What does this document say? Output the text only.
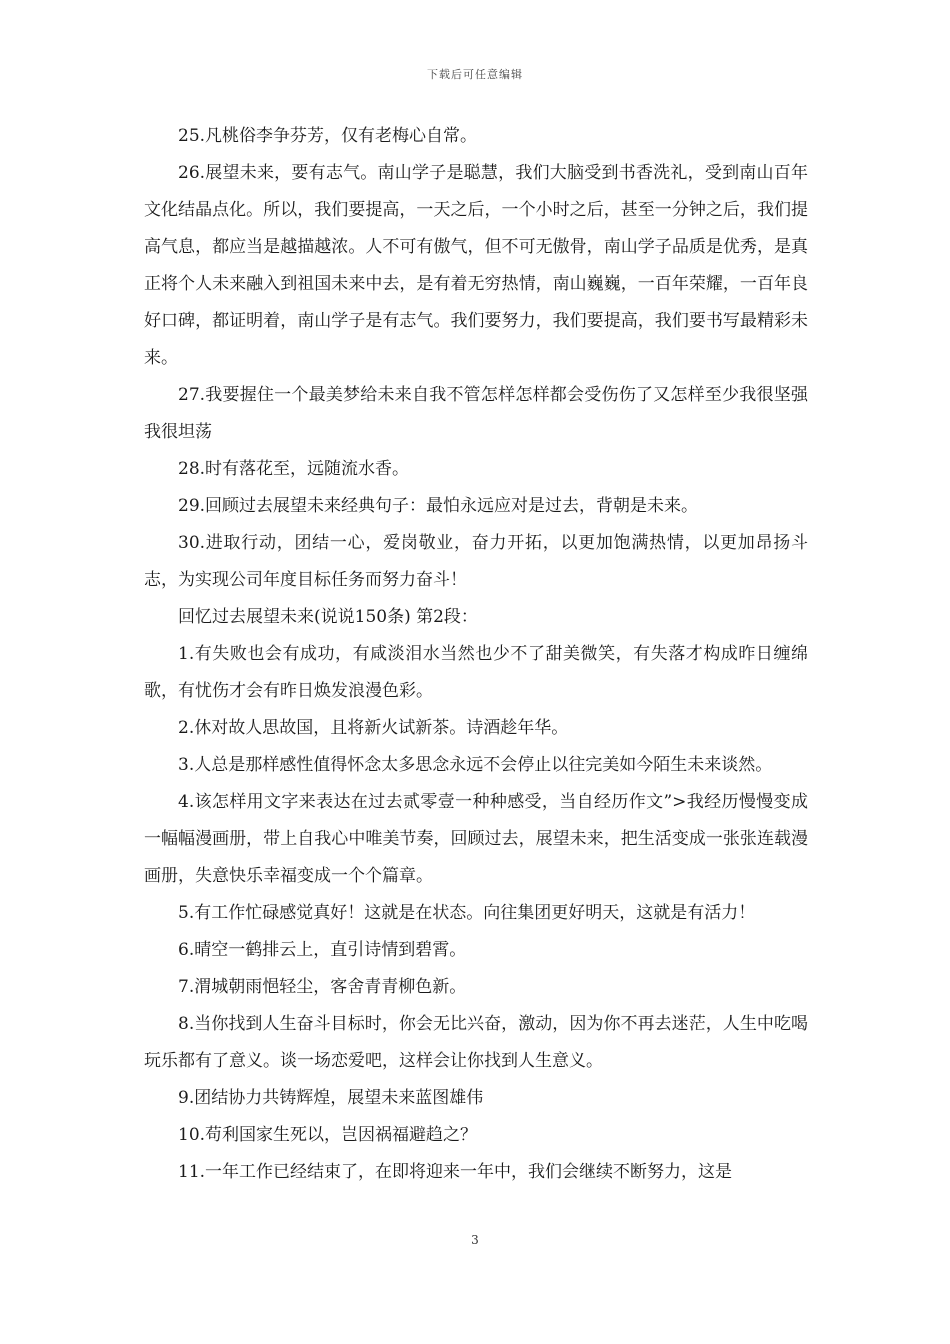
下载后可任意编辑

25.凡桃俗李争芬芳，仅有老梅心自常。

26.展望未来，要有志气。南山学子是聪慧，我们大脑受到书香洗礼，受到南山百年文化结晶点化。所以，我们要提高，一天之后，一个小时之后，甚至一分钟之后，我们提高气息，都应当是越描越浓。人不可有傲气，但不可无傲骨，南山学子品质是优秀，是真正将个人未来融入到祖国未来中去，是有着无穷热情，南山巍巍，一百年荣耀，一百年良好口碑，都证明着，南山学子是有志气。我们要努力，我们要提高，我们要书写最精彩未来。

27.我要握住一个最美梦给未来自我不管怎样怎样都会受伤伤了又怎样至少我很坚强我很坦荡

28.时有落花至，远随流水香。

29.回顾过去展望未来经典句子：最怕永远应对是过去，背朝是未来。

30.进取行动，团结一心，爱岗敬业，奋力开拓，以更加饱满热情，以更加昂扬斗志，为实现公司年度目标任务而努力奋斗！

回忆过去展望未来(说说150条) 第2段：

1.有失败也会有成功，有咸淡泪水当然也少不了甜美微笑，有失落才构成昨日缠绵歌，有忧伤才会有昨日焕发浪漫色彩。

2.休对故人思故国，且将新火试新茶。诗酒趁年华。

3.人总是那样感性值得怀念太多思念永远不会停止以往完美如今陌生未来谈然。

4.该怎样用文字来表达在过去贰零壹一种种感受，当自经历作文”>我经历慢慢变成一幅幅漫画册，带上自我心中唯美节奏，回顾过去，展望未来，把生活变成一张张连载漫画册，失意快乐幸福变成一个个篇章。

5.有工作忙碌感觉真好！这就是在状态。向往集团更好明天，这就是有活力！

6.晴空一鹤排云上，直引诗情到碧霄。

7.渭城朝雨悒轻尘，客舍青青柳色新。

8.当你找到人生奋斗目标时，你会无比兴奋，激动，因为你不再去迷茫，人生中吃喝玩乐都有了意义。谈一场恋爱吧，这样会让你找到人生意义。

9.团结协力共铸辉煌，展望未来蓝图雄伟

10.苟利国家生死以，岂因祸福避趋之？

11.一年工作已经结束了，在即将迎来一年中，我们会继续不断努力，这是

3
